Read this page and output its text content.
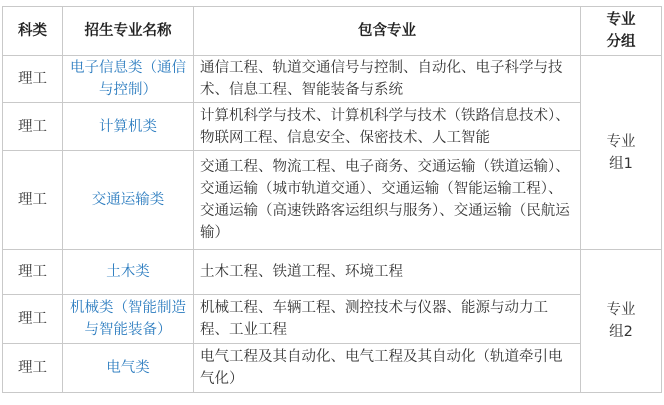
科类	招生专业名称	包含专业	专业
分组
理工	电子信息类（通信与控制）	通信工程、轨道交通信号与控制、自动化、电子科学与技术、信息工程、智能装备与系统	专业
组1
理工	计算机类	计算机科学与技术、计算机科学与技术（铁路信息技术）、物联网工程、信息安全、保密技术、人工智能	
理工	交通运输类	交通工程、物流工程、电子商务、交通运输（铁道运输）、交通运输（城市轨道交通）、交通运输（智能运输工程）、交通运输（高速铁路客运组织与服务）、交通运输（民航运输）	
理工	土木类	土木工程、铁道工程、环境工程	专业
组2
理工	机械类（智能制造与智能装备）	机械工程、车辆工程、测控技术与仪器、能源与动力工程、工业工程	
理工	电气类	电气工程及其自动化、电气工程及其自动化（轨道牵引电气化）	
